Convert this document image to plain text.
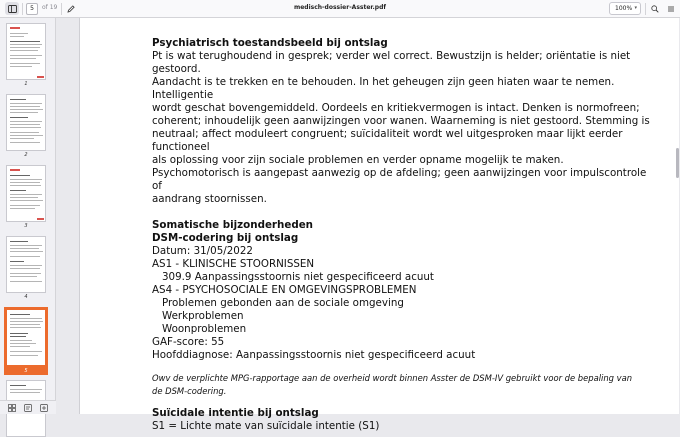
5	of 19	medisch-dossier-Asster.pdf	100% ▾
1
2
3
4
5
Psychiatrisch toestandsbeeld bij ontslag
Pt is wat terughoudend in gesprek; verder wel correct. Bewustzijn is helder; oriëntatie is niet gestoord.
Aandacht is te trekken en te behouden. In het geheugen zijn geen hiaten waar te nemen. Intelligentie
wordt geschat bovengemiddeld. Oordeels en kritiekvermogen is intact. Denken is normofreen;
coherent; inhoudelijk geen aanwijzingen voor wanen. Waarneming is niet gestoord. Stemming is
neutraal; affect moduleert congruent; suïcidaliteit wordt wel uitgesproken maar lijkt eerder functioneel
als oplossing voor zijn sociale problemen en verder opname mogelijk te maken.
Psychomotorisch is aangepast aanwezig op de afdeling; geen aanwijzingen voor impulscontrole of
aandrang stoornissen.
Somatische bijzonderheden
DSM-codering bij ontslag
Datum: 31/05/2022
AS1 - KLINISCHE STOORNISSEN
309.9 Aanpassingsstoornis niet gespecificeerd acuut
AS4 - PSYCHOSOCIALE EN OMGEVINGSPROBLEMEN
Problemen gebonden aan de sociale omgeving
Werkproblemen
Woonproblemen
GAF-score: 55
Hoofddiagnose: Aanpassingsstoornis niet gespecificeerd acuut
Owv de verplichte MPG-rapportage aan de overheid wordt binnen Asster de DSM-IV gebruikt voor de bepaling van
de DSM-codering.
Suïcidale intentie bij ontslag
S1 = Lichte mate van suïcidale intentie (S1)
